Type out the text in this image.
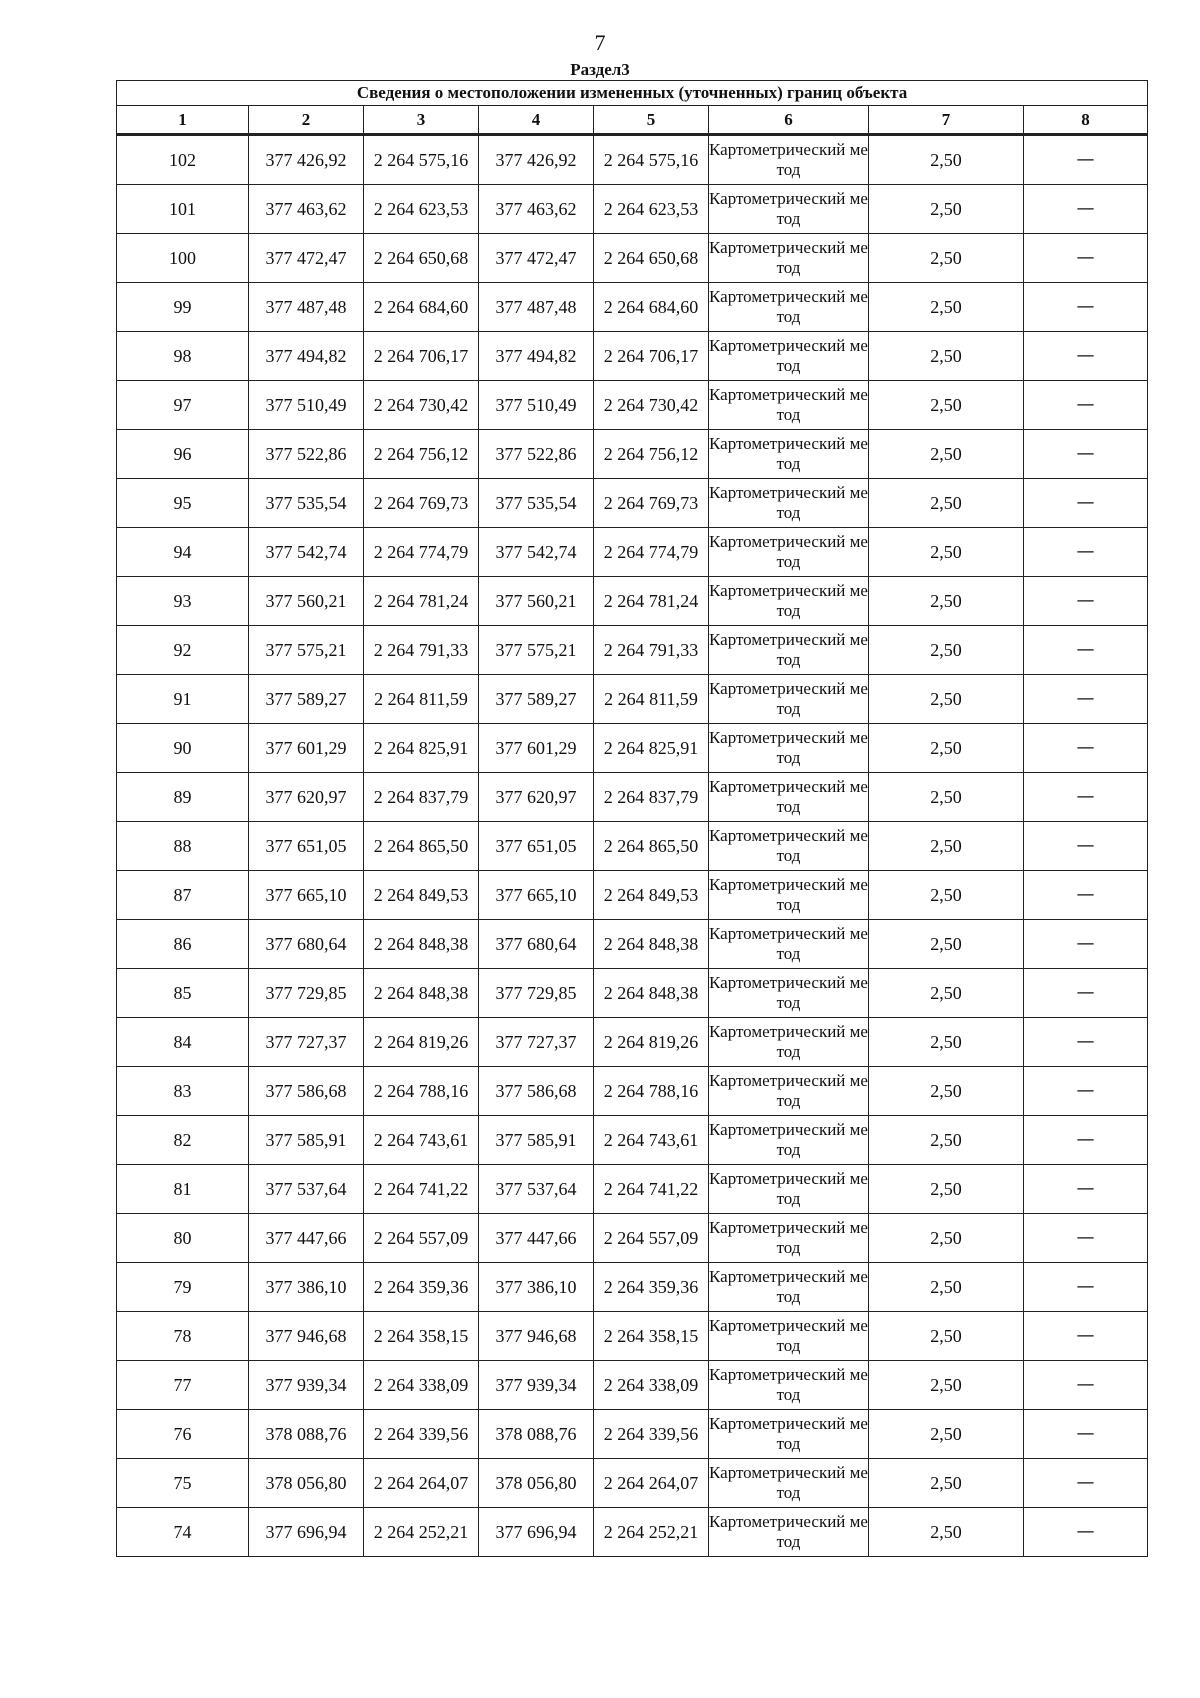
7
Раздел3
Сведения о местоположении измененных (уточненных) границ объекта							
1	2	3	4	5	6	7	8
102	377 426,92	2 264 575,16	377 426,92	2 264 575,16	Картометрический метод	2,50	—
101	377 463,62	2 264 623,53	377 463,62	2 264 623,53	Картометрический метод	2,50	—
100	377 472,47	2 264 650,68	377 472,47	2 264 650,68	Картометрический метод	2,50	—
99	377 487,48	2 264 684,60	377 487,48	2 264 684,60	Картометрический метод	2,50	—
98	377 494,82	2 264 706,17	377 494,82	2 264 706,17	Картометрический метод	2,50	—
97	377 510,49	2 264 730,42	377 510,49	2 264 730,42	Картометрический метод	2,50	—
96	377 522,86	2 264 756,12	377 522,86	2 264 756,12	Картометрический метод	2,50	—
95	377 535,54	2 264 769,73	377 535,54	2 264 769,73	Картометрический метод	2,50	—
94	377 542,74	2 264 774,79	377 542,74	2 264 774,79	Картометрический метод	2,50	—
93	377 560,21	2 264 781,24	377 560,21	2 264 781,24	Картометрический метод	2,50	—
92	377 575,21	2 264 791,33	377 575,21	2 264 791,33	Картометрический метод	2,50	—
91	377 589,27	2 264 811,59	377 589,27	2 264 811,59	Картометрический метод	2,50	—
90	377 601,29	2 264 825,91	377 601,29	2 264 825,91	Картометрический метод	2,50	—
89	377 620,97	2 264 837,79	377 620,97	2 264 837,79	Картометрический метод	2,50	—
88	377 651,05	2 264 865,50	377 651,05	2 264 865,50	Картометрический метод	2,50	—
87	377 665,10	2 264 849,53	377 665,10	2 264 849,53	Картометрический метод	2,50	—
86	377 680,64	2 264 848,38	377 680,64	2 264 848,38	Картометрический метод	2,50	—
85	377 729,85	2 264 848,38	377 729,85	2 264 848,38	Картометрический метод	2,50	—
84	377 727,37	2 264 819,26	377 727,37	2 264 819,26	Картометрический метод	2,50	—
83	377 586,68	2 264 788,16	377 586,68	2 264 788,16	Картометрический метод	2,50	—
82	377 585,91	2 264 743,61	377 585,91	2 264 743,61	Картометрический метод	2,50	—
81	377 537,64	2 264 741,22	377 537,64	2 264 741,22	Картометрический метод	2,50	—
80	377 447,66	2 264 557,09	377 447,66	2 264 557,09	Картометрический метод	2,50	—
79	377 386,10	2 264 359,36	377 386,10	2 264 359,36	Картометрический метод	2,50	—
78	377 946,68	2 264 358,15	377 946,68	2 264 358,15	Картометрический метод	2,50	—
77	377 939,34	2 264 338,09	377 939,34	2 264 338,09	Картометрический метод	2,50	—
76	378 088,76	2 264 339,56	378 088,76	2 264 339,56	Картометрический метод	2,50	—
75	378 056,80	2 264 264,07	378 056,80	2 264 264,07	Картометрический метод	2,50	—
74	377 696,94	2 264 252,21	377 696,94	2 264 252,21	Картометрический метод	2,50	—
